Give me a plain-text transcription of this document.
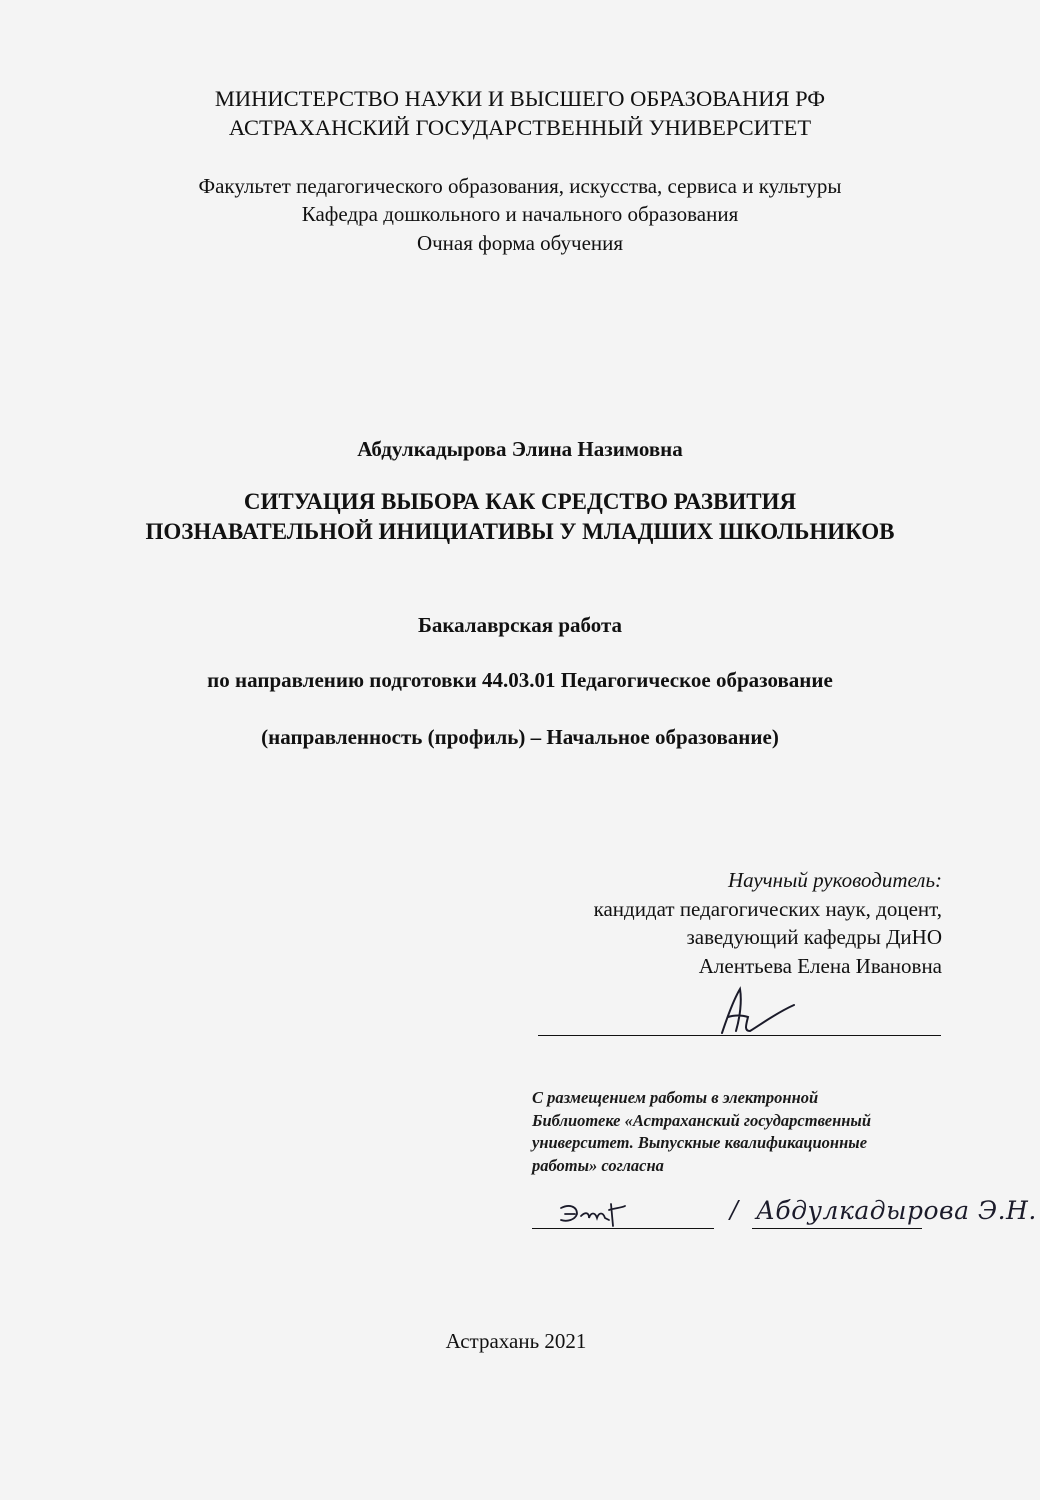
МИНИСТЕРСТВО НАУКИ И ВЫСШЕГО ОБРАЗОВАНИЯ РФ
АСТРАХАНСКИЙ ГОСУДАРСТВЕННЫЙ УНИВЕРСИТЕТ
Факультет педагогического образования, искусства, сервиса и культуры
Кафедра дошкольного и начального образования
Очная форма обучения
Абдулкадырова Элина Назимовна
СИТУАЦИЯ ВЫБОРА КАК СРЕДСТВО РАЗВИТИЯ
ПОЗНАВАТЕЛЬНОЙ ИНИЦИАТИВЫ У МЛАДШИХ ШКОЛЬНИКОВ
Бакалаврская работа
по направлению подготовки 44.03.01 Педагогическое образование
(направленность (профиль) – Начальное образование)
Научный руководитель:
кандидат педагогических наук, доцент,
заведующий кафедры ДиНО
Алентьева Елена Ивановна
С размещением работы в электронной
Библиотеке «Астраханский государственный
университет. Выпускные квалификационные
работы» согласна
/ Абдулкадырова Э.Н.
Астрахань 2021
